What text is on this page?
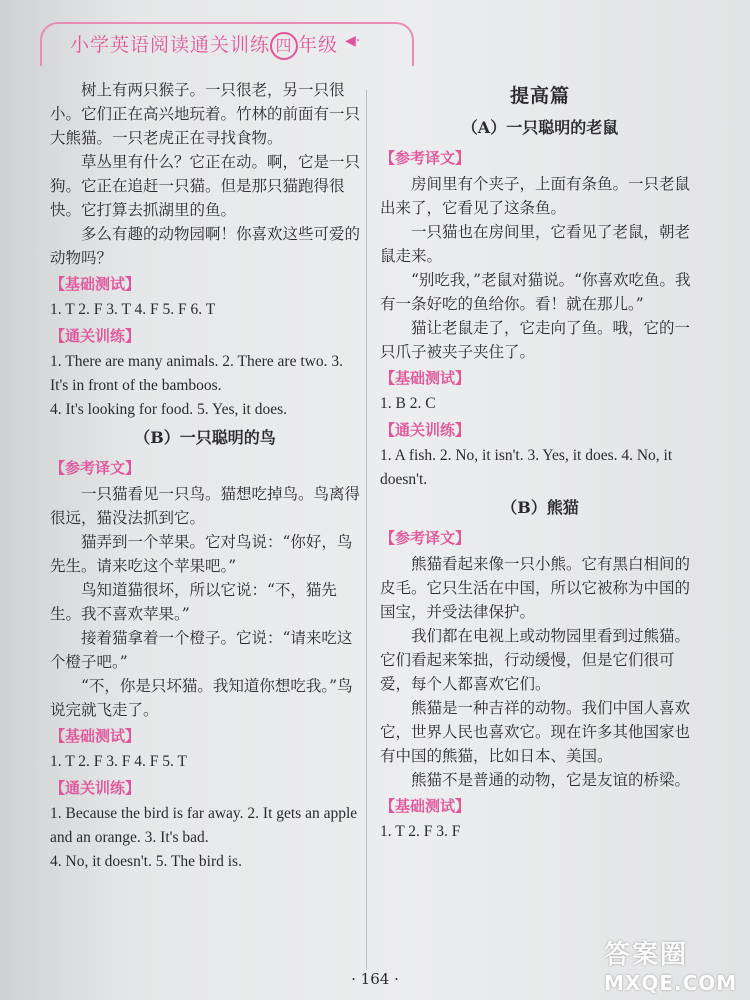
小学英语阅读通关训练 四 年级 ◀·

树上有两只猴子。一只很老，另一只很小。它们正在高兴地玩着。竹林的前面有一只大熊猫。一只老虎正在寻找食物。

草丛里有什么？它正在动。啊，它是一只狗。它正在追赶一只猫。但是那只猫跑得很快。它打算去抓湖里的鱼。

多么有趣的动物园啊！你喜欢这些可爱的动物吗？

【基础测试】

1. T 2. F 3. T 4. F 5. F 6. T

【通关训练】

1. There are many animals. 2. There are two. 3. It's in front of the bamboos.

4. It's looking for food. 5. Yes, it does.

（B）一只聪明的鸟
【参考译文】

一只猫看见一只鸟。猫想吃掉鸟。鸟离得很远，猫没法抓到它。

猫弄到一个苹果。它对鸟说：“你好，鸟先生。请来吃这个苹果吧。”

鸟知道猫很坏，所以它说：“不，猫先生。我不喜欢苹果。”

接着猫拿着一个橙子。它说：“请来吃这个橙子吧。”

“不，你是只坏猫。我知道你想吃我。”鸟说完就飞走了。

【基础测试】

1. T 2. F 3. F 4. F 5. T

【通关训练】

1. Because the bird is far away. 2. It gets an apple and an orange. 3. It's bad.

4. No, it doesn't. 5. The bird is.

提高篇
（A）一只聪明的老鼠
【参考译文】

房间里有个夹子，上面有条鱼。一只老鼠出来了，它看见了这条鱼。

一只猫也在房间里，它看见了老鼠，朝老鼠走来。

“别吃我，”老鼠对猫说。“你喜欢吃鱼。我有一条好吃的鱼给你。看！就在那儿。”

猫让老鼠走了，它走向了鱼。哦，它的一只爪子被夹子夹住了。

【基础测试】

1. B 2. C

【通关训练】

1. A fish. 2. No, it isn't. 3. Yes, it does. 4. No, it doesn't.

（B）熊猫
【参考译文】

熊猫看起来像一只小熊。它有黑白相间的皮毛。它只生活在中国，所以它被称为中国的国宝，并受法律保护。

我们都在电视上或动物园里看到过熊猫。它们看起来笨拙，行动缓慢，但是它们很可爱，每个人都喜欢它们。

熊猫是一种吉祥的动物。我们中国人喜欢它，世界人民也喜欢它。现在许多其他国家也有中国的熊猫，比如日本、美国。

熊猫不是普通的动物，它是友谊的桥梁。

【基础测试】

1. T 2. F 3. F

· 164 ·
答案圈
MXQE.COM
